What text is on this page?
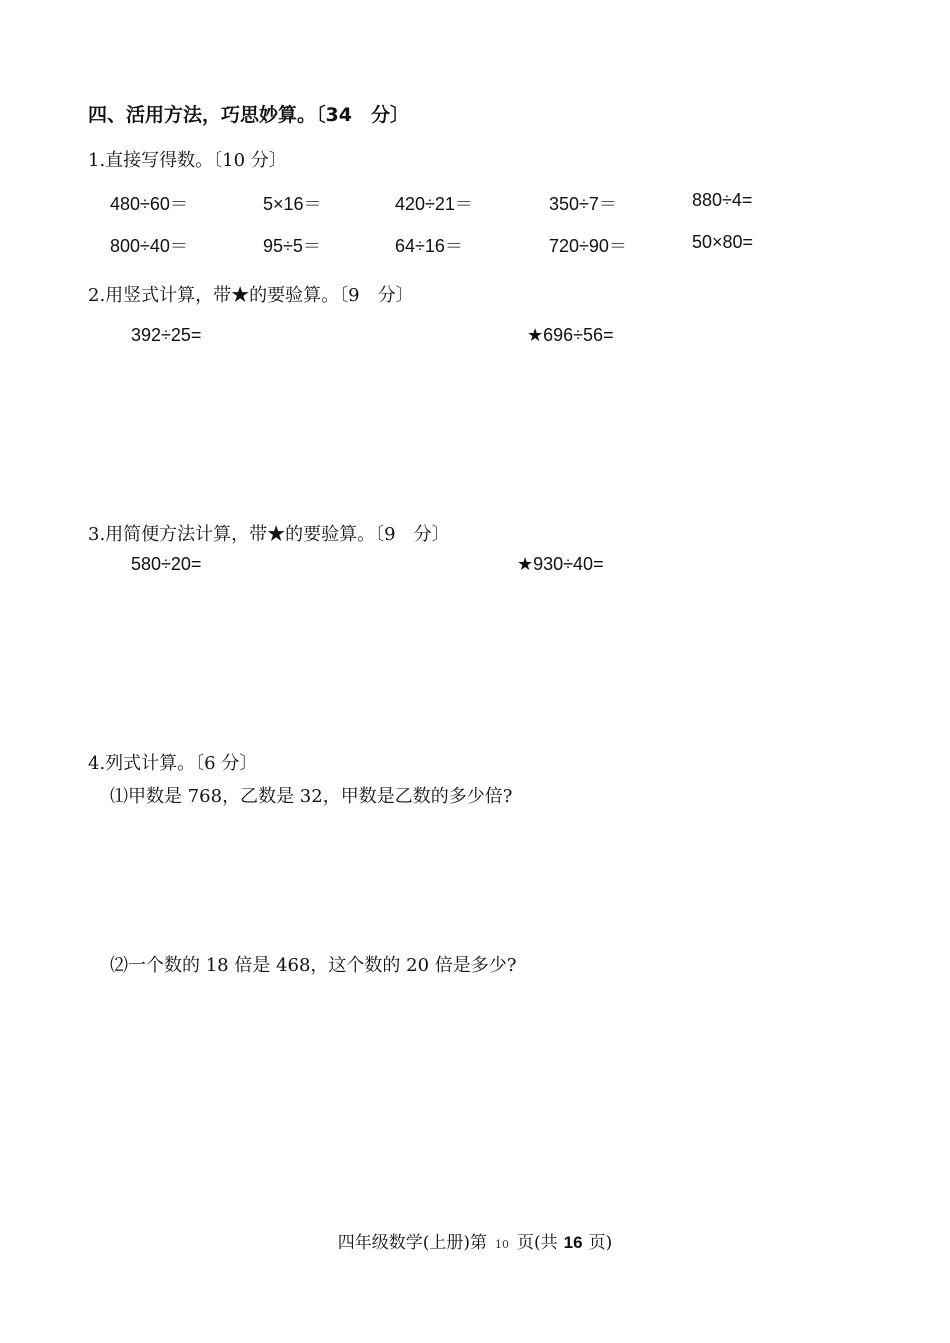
四、活用方法，巧思妙算。〔34　分〕
1.直接写得数。〔10 分〕
480÷60＝	5×16＝	420÷21＝	350÷7＝	880÷4=
800÷40＝	95÷5＝	64÷16＝	720÷90＝	50×80=
2.用竖式计算，带★的要验算。〔9　分〕
392÷25=	★696÷56=
3.用简便方法计算，带★的要验算。〔9　分〕
580÷20=	★930÷40=
4.列式计算。〔6 分〕
⑴甲数是 768，乙数是 32，甲数是乙数的多少倍?
⑵一个数的 18 倍是 468，这个数的 20 倍是多少?
四年级数学(上册)第 10 页(共 16 页)
